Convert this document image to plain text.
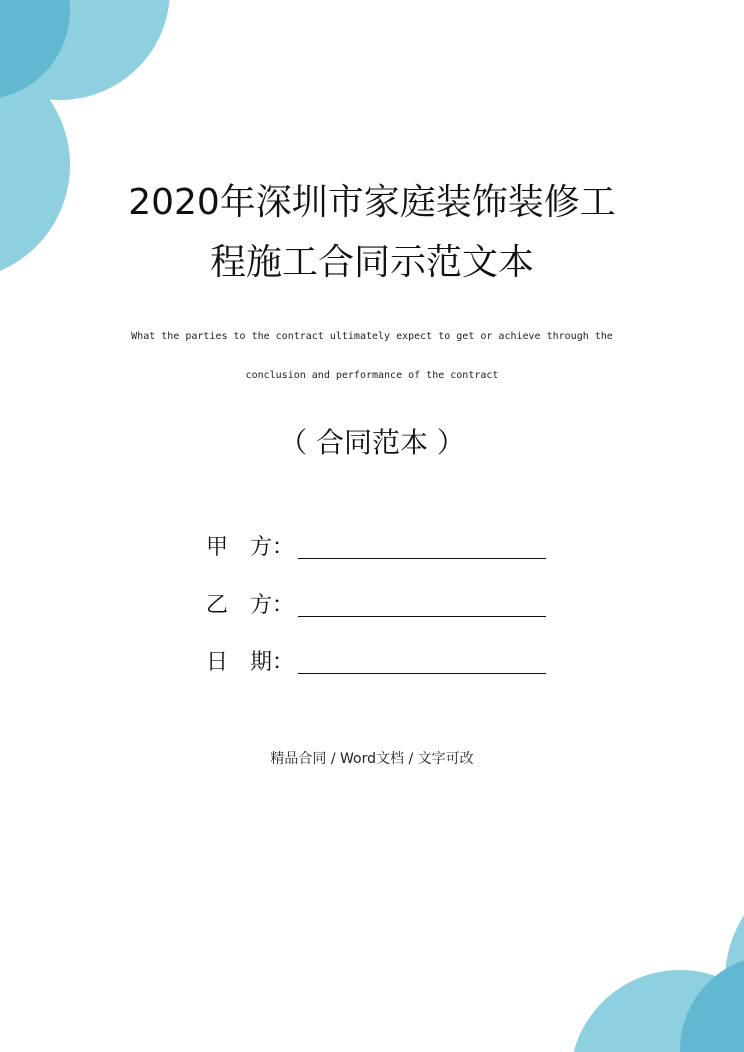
2020年深圳市家庭装饰装修工
程施工合同示范文本
What the parties to the contract ultimately expect to get or achieve through the
conclusion and performance of the contract
（ 合同范本 ）
甲　方：
乙　方：
日　期：
精品合同 / Word文档 / 文字可改
